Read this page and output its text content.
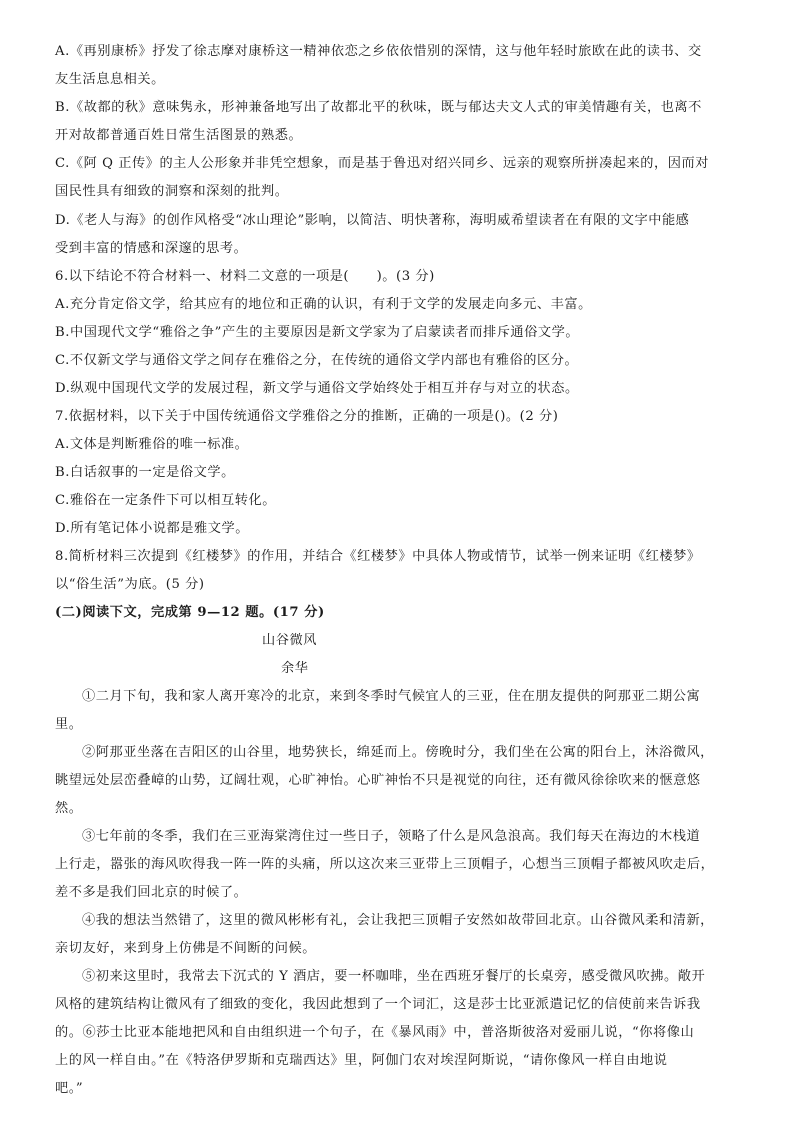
A.《再别康桥》抒发了徐志摩对康桥这一精神依恋之乡依依惜别的深情，这与他年轻时旅欧在此的读书、交
友生活息息相关。
B.《故都的秋》意味隽永，形神兼备地写出了故都北平的秋味，既与郁达夫文人式的审美情趣有关，也离不
开对故都普通百姓日常生活图景的熟悉。
C.《阿 Q 正传》的主人公形象并非凭空想象，而是基于鲁迅对绍兴同乡、远亲的观察所拼凑起来的，因而对
国民性具有细致的洞察和深刻的批判。
D.《老人与海》的创作风格受“冰山理论”影响，以简洁、明快著称，海明威希望读者在有限的文字中能感
受到丰富的情感和深邃的思考。
6.以下结论不符合材料一、材料二文意的一项是(　　)。(3 分)
A.充分肯定俗文学，给其应有的地位和正确的认识，有利于文学的发展走向多元、丰富。
B.中国现代文学“雅俗之争”产生的主要原因是新文学家为了启蒙读者而排斥通俗文学。
C.不仅新文学与通俗文学之间存在雅俗之分，在传统的通俗文学内部也有雅俗的区分。
D.纵观中国现代文学的发展过程，新文学与通俗文学始终处于相互并存与对立的状态。
7.依据材料，以下关于中国传统通俗文学雅俗之分的推断，正确的一项是()。(2 分)
A.文体是判断雅俗的唯一标准。
B.白话叙事的一定是俗文学。
C.雅俗在一定条件下可以相互转化。
D.所有笔记体小说都是雅文学。
8.简析材料三次提到《红楼梦》的作用，并结合《红楼梦》中具体人物或情节，试举一例来证明《红楼梦》
以“俗生活”为底。(5 分)
(二)阅读下文，完成第 9—12 题。(17 分)
山谷微风
余华
①二月下旬，我和家人离开寒冷的北京，来到冬季时气候宜人的三亚，住在朋友提供的阿那亚二期公寓
里。
②阿那亚坐落在吉阳区的山谷里，地势狭长，绵延而上。傍晚时分，我们坐在公寓的阳台上，沐浴微风，
眺望远处层峦叠嶂的山势，辽阔壮观，心旷神怡。心旷神怡不只是视觉的向往，还有微风徐徐吹来的惬意悠
然。
③七年前的冬季，我们在三亚海棠湾住过一些日子，领略了什么是风急浪高。我们每天在海边的木栈道
上行走，嚣张的海风吹得我一阵一阵的头痛，所以这次来三亚带上三顶帽子，心想当三顶帽子都被风吹走后，
差不多是我们回北京的时候了。
④我的想法当然错了，这里的微风彬彬有礼，会让我把三顶帽子安然如故带回北京。山谷微风柔和清新，
亲切友好，来到身上仿佛是不间断的问候。
⑤初来这里时，我常去下沉式的 Y 酒店，要一杯咖啡，坐在西班牙餐厅的长桌旁，感受微风吹拂。敞开
风格的建筑结构让微风有了细致的变化，我因此想到了一个词汇，这是莎士比亚派遣记忆的信使前来告诉我
的。⑥莎士比亚本能地把风和自由组织进一个句子，在《暴风雨》中，普洛斯彼洛对爱丽儿说，“你将像山
上的风一样自由。”在《特洛伊罗斯和克瑞西达》里，阿伽门农对埃涅阿斯说，“请你像风一样自由地说
吧。”
